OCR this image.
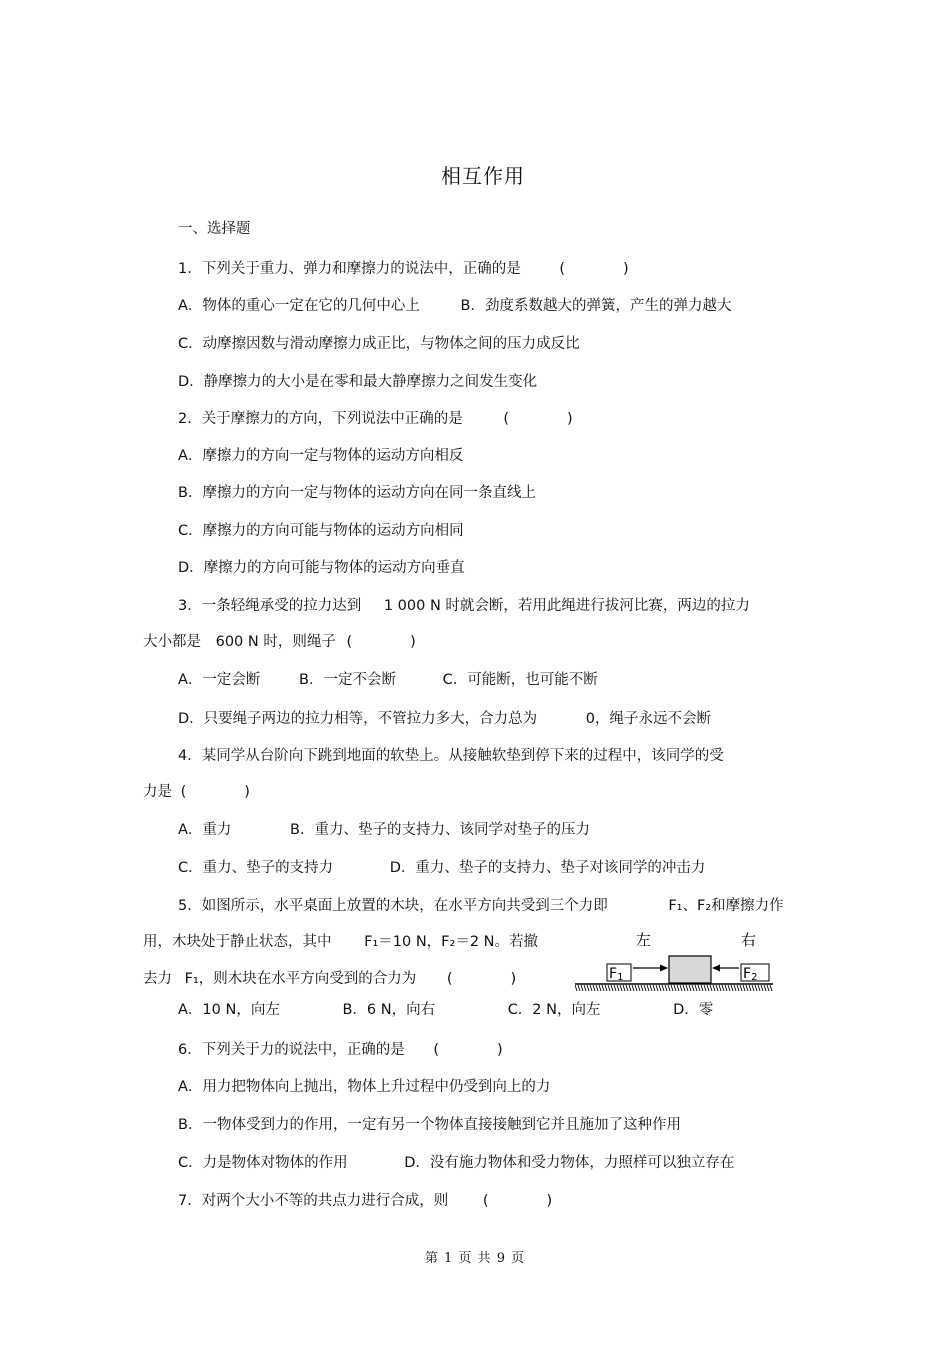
相互作用
一、选择题
1．下列关于重力、弹力和摩擦力的说法中，正确的是	(　　　　)
A．物体的重心一定在它的几何中心上	B．劲度系数越大的弹簧，产生的弹力越大
C．动摩擦因数与滑动摩擦力成正比，与物体之间的压力成反比
D．静摩擦力的大小是在零和最大静摩擦力之间发生变化
2．关于摩擦力的方向，下列说法中正确的是	(　　　　)
A．摩擦力的方向一定与物体的运动方向相反
B．摩擦力的方向一定与物体的运动方向在同一条直线上
C．摩擦力的方向可能与物体的运动方向相同
D．摩擦力的方向可能与物体的运动方向垂直
3．一条轻绳承受的拉力达到 1 000 N 时就会断，若用此绳进行拔河比赛，两边的拉力
大小都是 600 N 时，则绳子 (　　　　)
A．一定会断	B．一定不会断	C．可能断，也可能不断
D．只要绳子两边的拉力相等，不管拉力多大，合力总为	0，绳子永远不会断
4．某同学从台阶向下跳到地面的软垫上。从接触软垫到停下来的过程中，该同学的受
力是 (　　　　)
A．重力	B．重力、垫子的支持力、该同学对垫子的压力
C．重力、垫子的支持力	D．重力、垫子的支持力、垫子对该同学的冲击力
5．如图所示，水平桌面上放置的木块，在水平方向共受到三个力即	F₁、F₂和摩擦力作
用，木块处于静止状态，其中 F₁＝10 N，F₂＝2 N。若撤
去力 F₁，则木块在水平方向受到的合力为 (　　　　)
A．10 N，向左	B．6 N，向右	C．2 N，向左	D．零
左	右
F1	F2
6．下列关于力的说法中，正确的是 (　　　　)
A．用力把物体向上抛出，物体上升过程中仍受到向上的力
B．一物体受到力的作用，一定有另一个物体直接接触到它并且施加了这种作用
C．力是物体对物体的作用	D．没有施力物体和受力物体，力照样可以独立存在
7．对两个大小不等的共点力进行合成，则 (　　　　)
第 1 页 共 9 页
